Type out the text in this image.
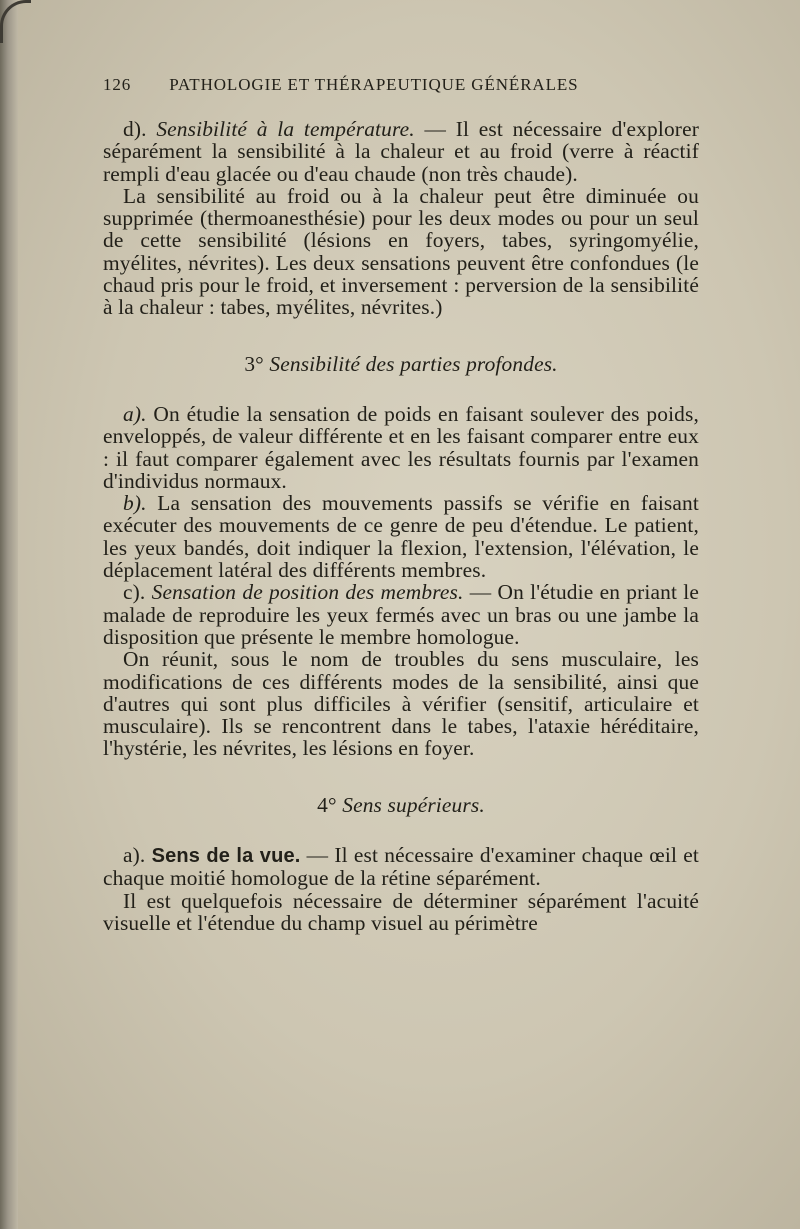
126 PATHOLOGIE ET THÉRAPEUTIQUE GÉNÉRALES

d). Sensibilité à la température. — Il est nécessaire d'explorer séparément la sensibilité à la chaleur et au froid (verre à réactif rempli d'eau glacée ou d'eau chaude (non très chaude).

La sensibilité au froid ou à la chaleur peut être diminuée ou supprimée (thermoanesthésie) pour les deux modes ou pour un seul de cette sensibilité (lésions en foyers, tabes, syringomyélie, myélites, névrites). Les deux sensations peuvent être confondues (le chaud pris pour le froid, et inversement : perversion de la sensibilité à la chaleur : tabes, myélites, névrites.)

3° Sensibilité des parties profondes.

a). On étudie la sensation de poids en faisant soulever des poids, enveloppés, de valeur différente et en les faisant comparer entre eux : il faut comparer également avec les résultats fournis par l'examen d'individus normaux.

b). La sensation des mouvements passifs se vérifie en faisant exécuter des mouvements de ce genre de peu d'étendue. Le patient, les yeux bandés, doit indiquer la flexion, l'extension, l'élévation, le déplacement latéral des différents membres.

c). Sensation de position des membres. — On l'étudie en priant le malade de reproduire les yeux fermés avec un bras ou une jambe la disposition que présente le membre homologue.

On réunit, sous le nom de troubles du sens musculaire, les modifications de ces différents modes de la sensibilité, ainsi que d'autres qui sont plus difficiles à vérifier (sensitif, articulaire et musculaire). Ils se rencontrent dans le tabes, l'ataxie héréditaire, l'hystérie, les névrites, les lésions en foyer.

4° Sens supérieurs.

a). Sens de la vue. — Il est nécessaire d'examiner chaque œil et chaque moitié homologue de la rétine séparément.

Il est quelquefois nécessaire de déterminer séparément l'acuité visuelle et l'étendue du champ visuel au périmètre
